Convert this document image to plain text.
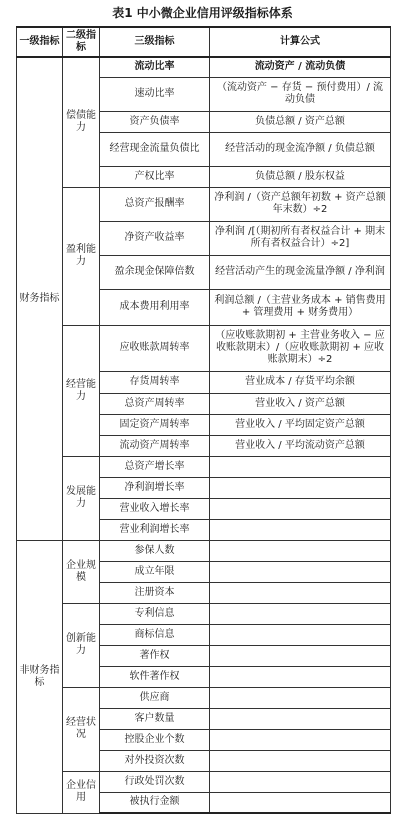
表1 中小微企业信用评级指标体系
一级指标	二级指标	三级指标	计算公式
财务指标	偿债能力	流动比率	流动资产 / 流动负债
		速动比率	（流动资产 − 存货 − 预付费用）/ 流动负债
		资产负债率	负债总额 / 资产总额
		经营现金流量负债比	经营活动的现金流净额 / 负债总额
		产权比率	负债总额 / 股东权益
	盈利能力	总资产报酬率	净利润 /（资产总额年初数 + 资产总额年末数）÷2
		净资产收益率	净利润 /[（期初所有者权益合计 + 期末所有者权益合计）÷2]
		盈余现金保障倍数	经营活动产生的现金流量净额 / 净利润
		成本费用利用率	利润总额 /（主营业务成本 + 销售费用 + 管理费用 + 财务费用）
	经营能力	应收账款周转率	（应收账款期初 + 主营业务收入 − 应收账款期末）/（应收账款期初 + 应收账款期末）÷2
		存货周转率	营业成本 / 存货平均余额
		总资产周转率	营业收入 / 资产总额
		固定资产周转率	营业收入 / 平均固定资产总额
		流动资产周转率	营业收入 / 平均流动资产总额
	发展能力	总资产增长率	
		净利润增长率	
		营业收入增长率	
		营业利润增长率	
非财务指标	企业规模	参保人数	
		成立年限	
		注册资本	
	创新能力	专利信息	
		商标信息	
		著作权	
		软件著作权	
	经营状况	供应商	
		客户数量	
		控股企业个数	
		对外投资次数	
	企业信用	行政处罚次数	
		被执行金额	
